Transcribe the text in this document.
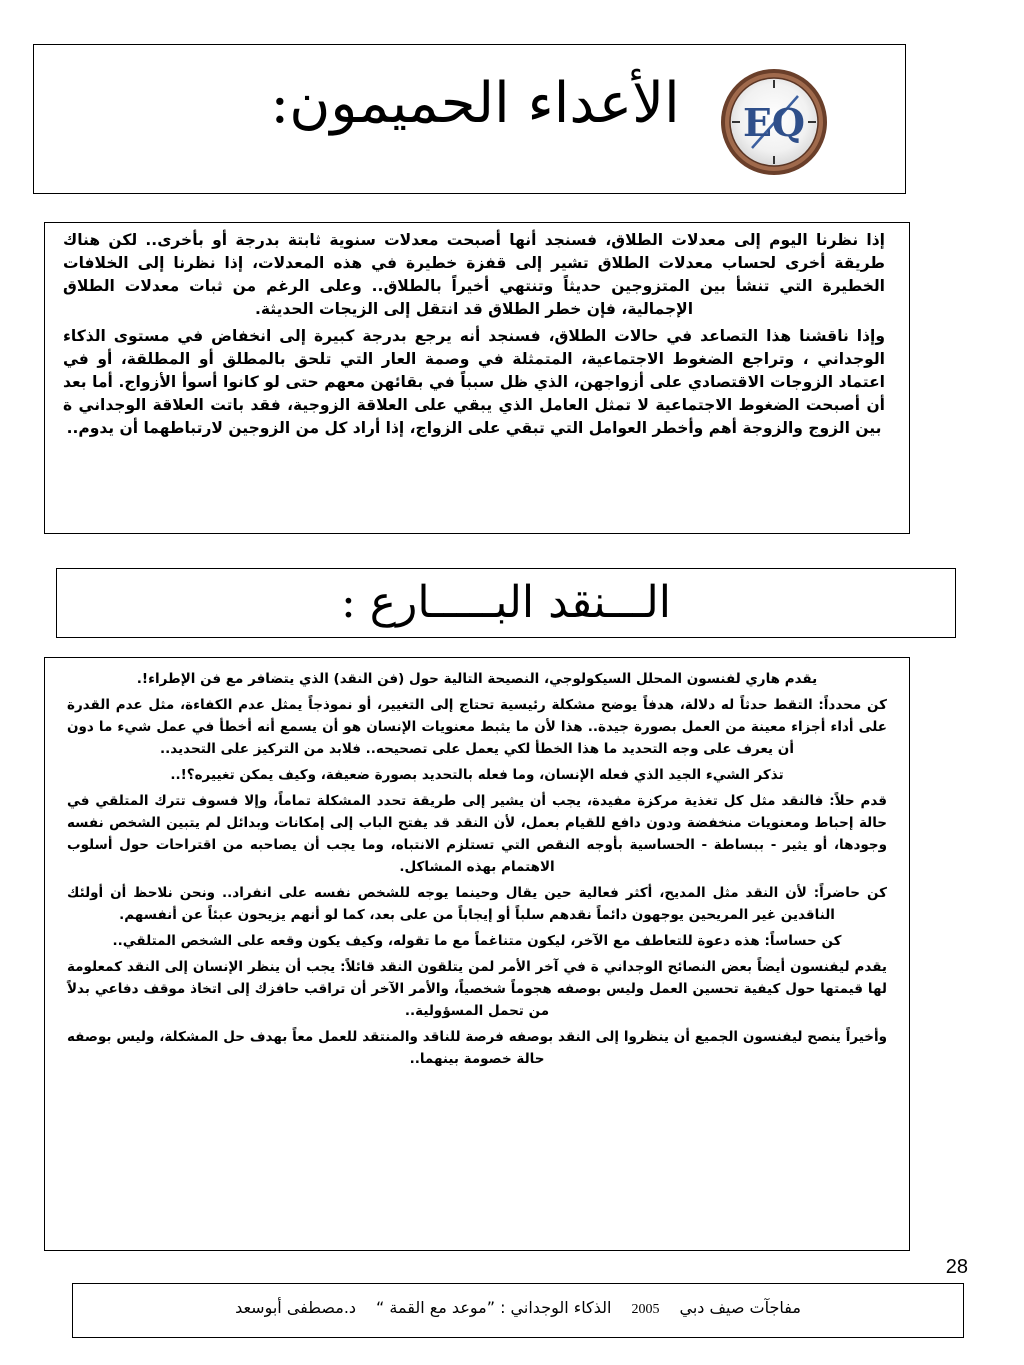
الأعداء الحميمون:	EQ

إذا نظرنا اليوم إلى معدلات الطلاق، فسنجد أنها أصبحت معدلات سنوية ثابتة بدرجة أو بأخرى.. لكن هناك طريقة أخرى لحساب معدلات الطلاق تشير إلى قفزة خطيرة في هذه المعدلات، إذا نظرنا إلى الخلافات الخطيرة التي تنشأ بين المتزوجين حديثاً وتنتهي أخيراً بالطلاق.. وعلى الرغم من ثبات معدلات الطلاق الإجمالية، فإن خطر الطلاق قد انتقل إلى الزيجات الحديثة.

وإذا ناقشنا هذا التصاعد في حالات الطلاق، فسنجد أنه يرجع بدرجة كبيرة إلى انخفاض في مستوى الذكاء الوجداني ، وتراجع الضغوط الاجتماعية، المتمثلة في وصمة العار التي تلحق بالمطلق أو المطلقة، أو في اعتماد الزوجات الاقتصادي على أزواجهن، الذي ظل سبباً في بقائهن معهم حتى لو كانوا أسوأ الأزواج. أما بعد أن أصبحت الضغوط الاجتماعية لا تمثل العامل الذي يبقي على العلاقة الزوجية، فقد باتت العلاقة الوجداني ة بين الزوج والزوجة أهم وأخطر العوامل التي تبقي على الزواج، إذا أراد كل من الزوجين لارتباطهما أن يدوم..

الـــنقد البـــــارع :

يقدم هاري لفنسون المحلل السيكولوجي، النصيحة التالية حول (فن النقد) الذي يتضافر مع فن الإطراء!.

كن محدداً: التقط حدثاً له دلالة، هدفاً يوضح مشكلة رئيسية تحتاج إلى التغيير، أو نموذجاً يمثل عدم الكفاءة، مثل عدم القدرة على أداء أجزاء معينة من العمل بصورة جيدة.. هذا لأن ما يثبط معنويات الإنسان هو أن يسمع أنه أخطأ في عمل شيء ما دون أن يعرف على وجه التحديد ما هذا الخطأ لكي يعمل على تصحيحه.. فلابد من التركيز على التحديد..

تذكر الشيء الجيد الذي فعله الإنسان، وما فعله بالتحديد بصورة ضعيفة، وكيف يمكن تغييره؟!..

قدم حلاً: فالنقد مثل كل تغذية مركزة مفيدة، يجب أن يشير إلى طريقة تحدد المشكلة تماماً، وإلا فسوف تترك المتلقي في حالة إحباط ومعنويات منخفضة ودون دافع للقيام بعمل، لأن النقد قد يفتح الباب إلى إمكانات وبدائل لم يتبين الشخص نفسه وجودها، أو يثير - ببساطة - الحساسية بأوجه النقص التي تستلزم الانتباه، وما يجب أن يصاحبه من اقتراحات حول أسلوب الاهتمام بهذه المشاكل.

كن حاضراً: لأن النقد مثل المديح، أكثر فعالية حين يقال وحينما يوجه للشخص نفسه على انفراد.. ونحن نلاحظ أن أولئك الناقدين غير المريحين يوجهون دائماً نقدهم سلباً أو إيجاباً من على بعد، كما لو أنهم يزيحون عبئاً عن أنفسهم.

كن حساساً: هذه دعوة للتعاطف مع الآخر، ليكون متناغماً مع ما تقوله، وكيف يكون وقعه على الشخص المتلقي..

يقدم ليفنسون أيضاً بعض النصائح الوجداني ة في آخر الأمر لمن يتلقون النقد قائلاً: يجب أن ينظر الإنسان إلى النقد كمعلومة لها قيمتها حول كيفية تحسين العمل وليس بوصفه هجوماً شخصياً، والأمر الآخر أن تراقب حافزك إلى اتخاذ موقف دفاعي بدلاً من تحمل المسؤولية..

وأخيراً ينصح ليفنسون الجميع أن ينظروا إلى النقد بوصفه فرصة للناقد والمنتقد للعمل معاً بهدف حل المشكلة، وليس بوصفه حالة خصومة بينهما..

28
مفاجآت صيف دبي2005الذكاء الوجداني : ”موعد مع القمة “د.مصطفى أبوسعد
